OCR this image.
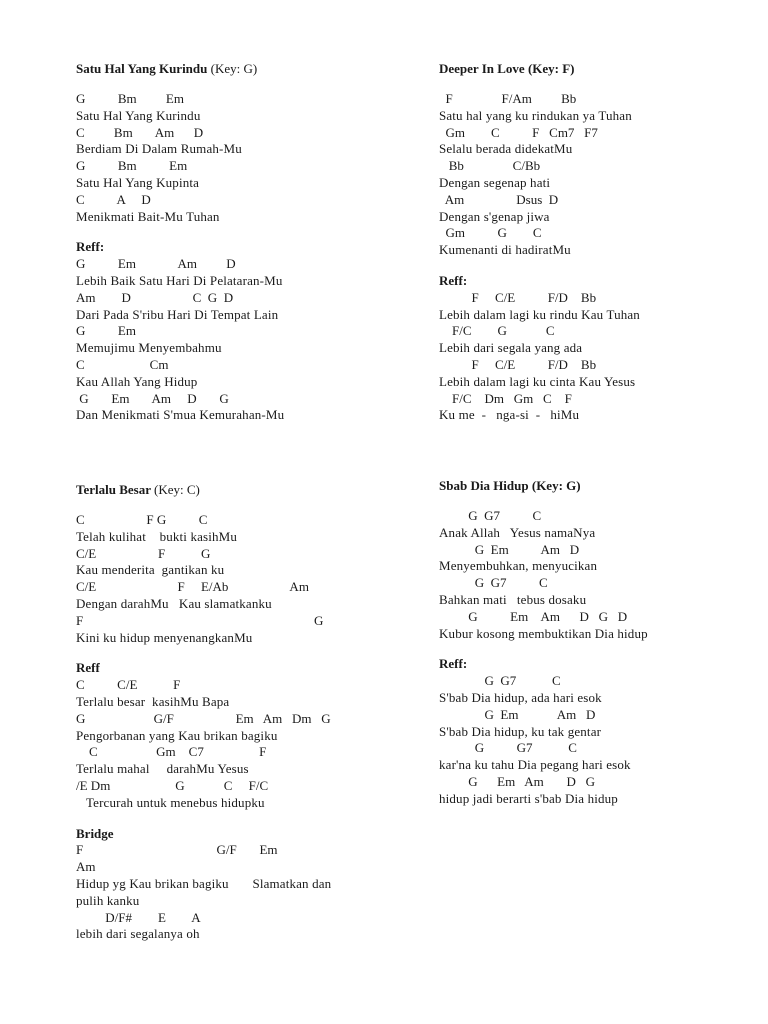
Satu Hal Yang Kurindu (Key: G)
G          Bm         Em
Satu Hal Yang Kurindu
C         Bm       Am      D
Berdiam Di Dalam Rumah-Mu
G          Bm          Em
Satu Hal Yang Kupinta
C          A     D
Menikmati Bait-Mu Tuhan
Reff:
G          Em             Am         D
Lebih Baik Satu Hari Di Pelataran-Mu
Am        D                   C  G  D
Dari Pada S'ribu Hari Di Tempat Lain
G          Em
Memujimu Menyembahmu
C                    Cm
Kau Allah Yang Hidup
G       Em       Am     D       G
Dan Menikmati S'mua Kemurahan-Mu
Deeper In Love (Key: F)
F               F/Am         Bb
Satu hal yang ku rindukan ya Tuhan
Gm        C          F   Cm7   F7
Selalu berada didekatMu
Bb               C/Bb
Dengan segenap hati
Am                Dsus  D
Dengan s'genap jiwa
Gm          G        C
Kumenanti di hadiratMu
Reff:
F     C/E          F/D    Bb
Lebih dalam lagi ku rindu Kau Tuhan
F/C        G            C
Lebih dari segala yang ada
F     C/E          F/D    Bb
Lebih dalam lagi ku cinta Kau Yesus
F/C    Dm   Gm   C    F
Ku me  -   nga-si  -   hiMu
Terlalu Besar (Key: C)
C                   F G          C
Telah kulihat    bukti kasihMu
C/E                   F           G
Kau menderita  gantikan ku
C/E                         F     E/Ab                   Am
Dengan darahMu   Kau slamatkanku
F                                                                       G
Kini ku hidup menyenangkanMu
Reff
C          C/E           F
Terlalu besar  kasihMu Bapa
G                     G/F                   Em   Am   Dm   G
Pengorbanan yang Kau brikan bagiku
C                  Gm    C7                 F
Terlalu mahal     darahMu Yesus
/E Dm                    G            C     F/C
Tercurah untuk menebus hidupku
Bridge
F                                         G/F       Em
Am
Hidup yg Kau brikan bagiku       Slamatkan dan
pulih kanku
D/F#        E        A
lebih dari segalanya oh
Sbab Dia Hidup (Key: G)
G  G7          C
Anak Allah   Yesus namaNya
G  Em          Am   D
Menyembuhkan, menyucikan
G  G7          C
Bahkan mati   tebus dosaku
G          Em    Am      D   G   D
Kubur kosong membuktikan Dia hidup
Reff:
G  G7           C
S'bab Dia hidup, ada hari esok
G  Em            Am   D
S'bab Dia hidup, ku tak gentar
G          G7           C
kar'na ku tahu Dia pegang hari esok
G      Em   Am       D   G
hidup jadi berarti s'bab Dia hidup
